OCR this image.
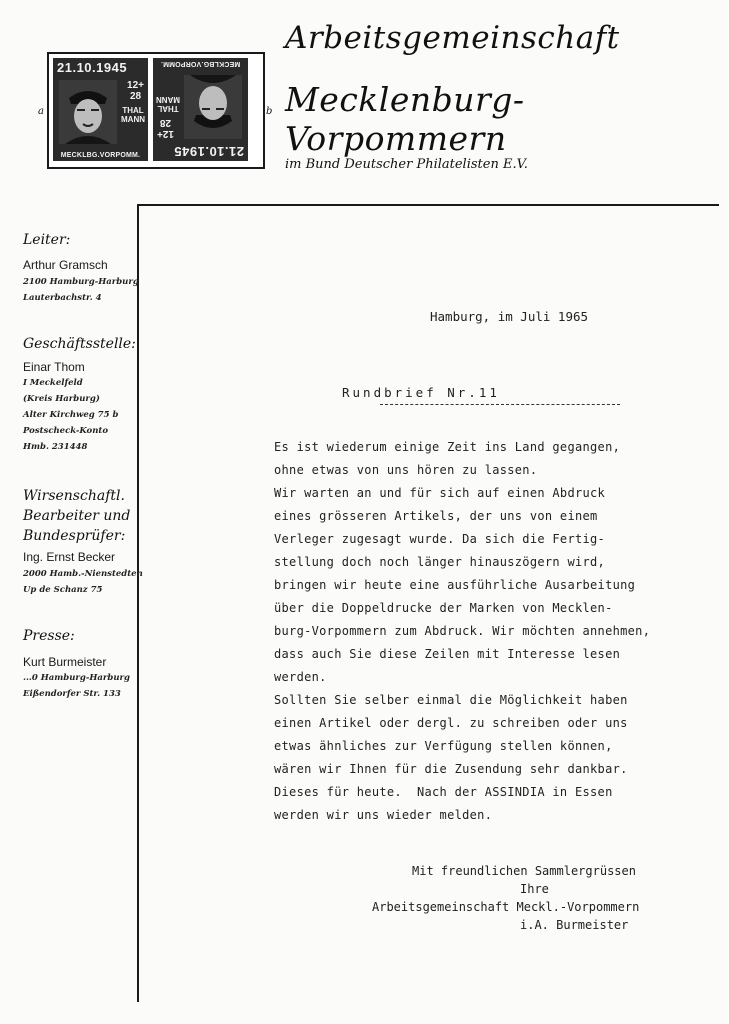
21.10.1945
12+
28
THAL
MANN
MECKLBG.VORPOMM.	21.10.1945
12+
28
THAL
MANN
MECKLBG.VORPOMM.
a	b
Arbeitsgemeinschaft
Mecklenburg-Vorpommern
im Bund Deutscher Philatelisten E.V.
Leiter:
Arthur Gramsch
2100 Hamburg-Harburg
Lauterbachstr. 4
Geschäftsstelle:
Einar Thom
I Meckelfeld
(Kreis Harburg)
Alter Kirchweg 75 b
Postscheck-Konto
Hmb. 231448
Wirsenschaftl.
Bearbeiter und
Bundesprüfer:
Ing. Ernst Becker
2000 Hamb.-Nienstedten
Up de Schanz 75
Presse:
Kurt Burmeister
...0 Hamburg-Harburg
Eißendorfer Str. 133
Hamburg, im Juli 1965
Rundbrief Nr.11

Es ist wiederum einige Zeit ins Land gegangen,

ohne etwas von uns hören zu lassen.

Wir warten an und für sich auf einen Abdruck

eines grösseren Artikels, der uns von einem

Verleger zugesagt wurde. Da sich die Fertig-

stellung doch noch länger hinauszögern wird,

bringen wir heute eine ausführliche Ausarbeitung

über die Doppeldrucke der Marken von Mecklen-

burg-Vorpommern zum Abdruck. Wir möchten annehmen,

dass auch Sie diese Zeilen mit Interesse lesen

werden.

Sollten Sie selber einmal die Möglichkeit haben

einen Artikel oder dergl. zu schreiben oder uns

etwas ähnliches zur Verfügung stellen können,

wären wir Ihnen für die Zusendung sehr dankbar.

Dieses für heute.  Nach der ASSINDIA in Essen

werden wir uns wieder melden.

Mit freundlichen Sammlergrüssen
Ihre
Arbeitsgemeinschaft Meckl.-Vorpommern
i.A. Burmeister
